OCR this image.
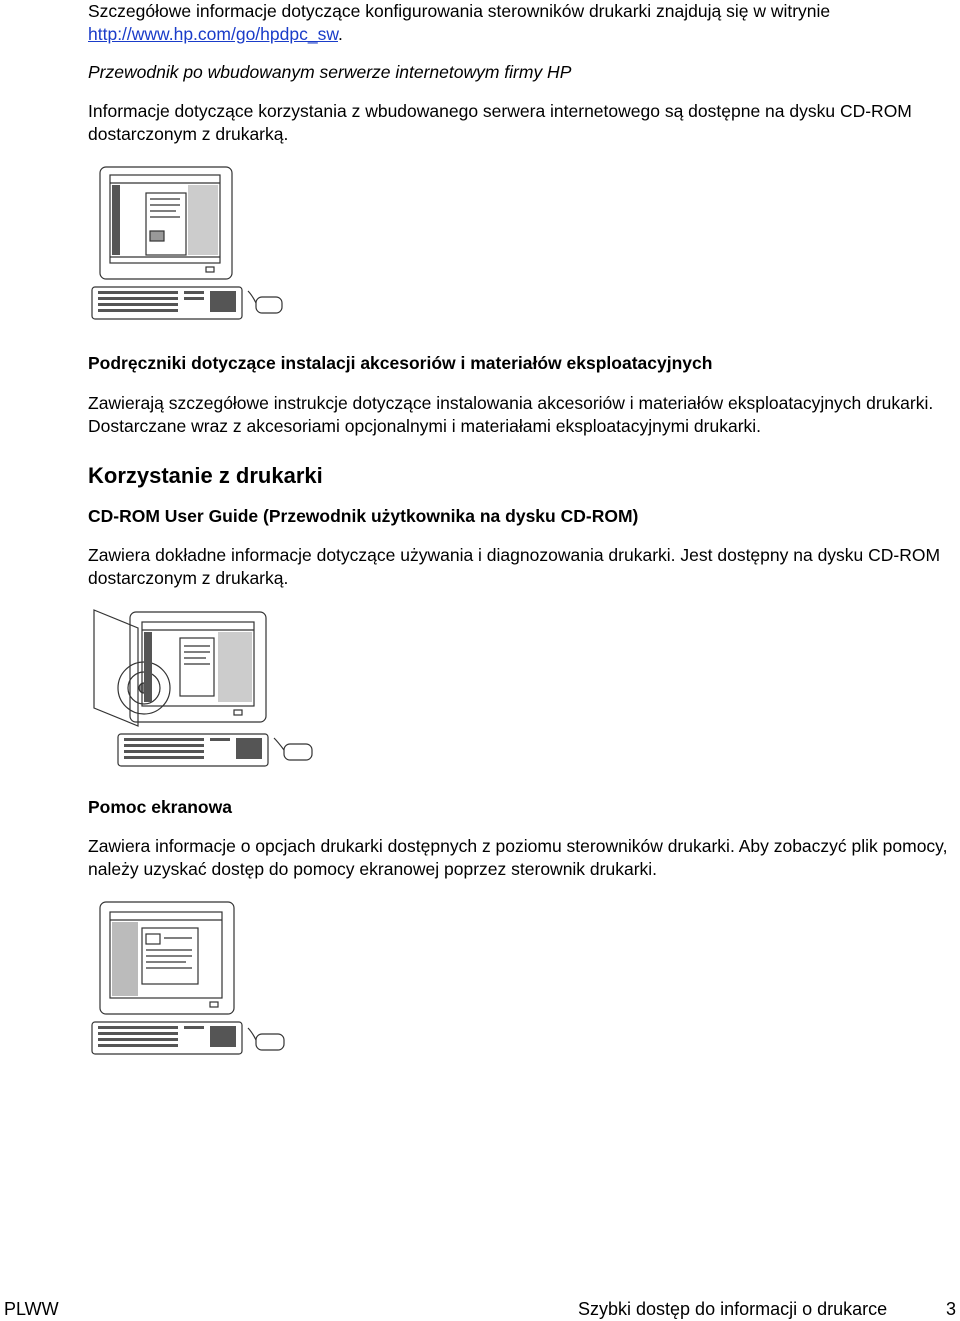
Szczegółowe informacje dotyczące konfigurowania sterowników drukarki znajdują się w witrynie
http://www.hp.com/go/hpdpc_sw.

Przewodnik po wbudowanym serwerze internetowym firmy HP

Informacje dotyczące korzystania z wbudowanego serwera internetowego są dostępne na dysku CD-ROM dostarczonym z drukarką.

Podręczniki dotyczące instalacji akcesoriów i materiałów eksploatacyjnych

Zawierają szczegółowe instrukcje dotyczące instalowania akcesoriów i materiałów eksploatacyjnych drukarki. Dostarczane wraz z akcesoriami opcjonalnymi i materiałami eksploatacyjnymi drukarki.

Korzystanie z drukarki

CD-ROM User Guide (Przewodnik użytkownika na dysku CD-ROM)

Zawiera dokładne informacje dotyczące używania i diagnozowania drukarki. Jest dostępny na dysku CD-ROM dostarczonym z drukarką.

Pomoc ekranowa

Zawiera informacje o opcjach drukarki dostępnych z poziomu sterowników drukarki. Aby zobaczyć plik pomocy, należy uzyskać dostęp do pomocy ekranowej poprzez sterownik drukarki.

PLWW	Szybki dostęp do informacji o drukarce	3
